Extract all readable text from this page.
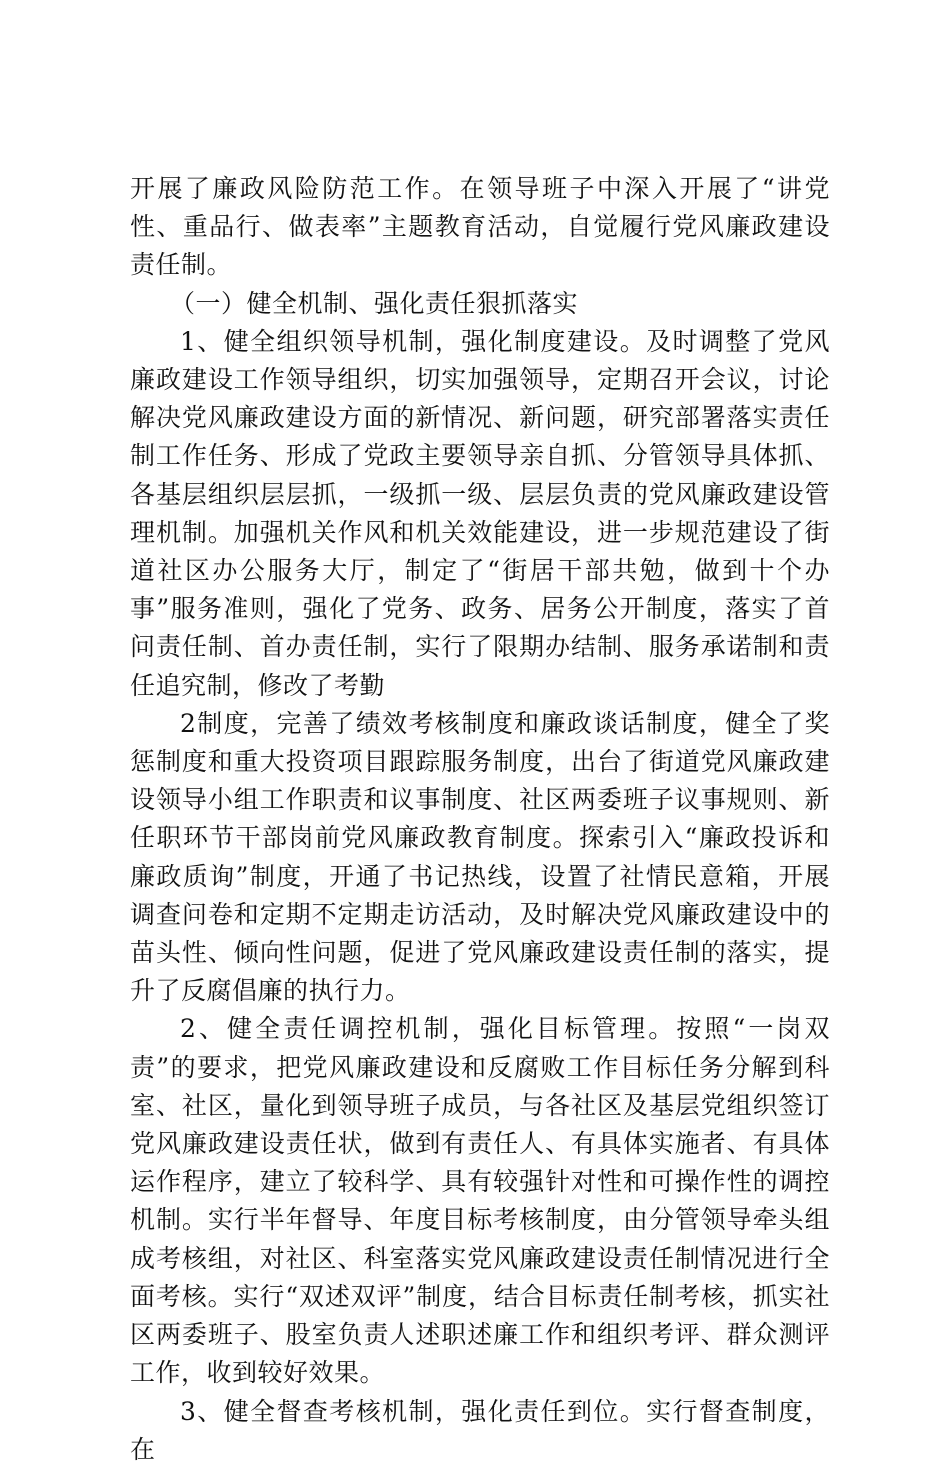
开展了廉政风险防范工作。在领导班子中深入开展了“讲党性、重品行、做表率”主题教育活动，自觉履行党风廉政建设责任制。

（一）健全机制、强化责任狠抓落实

1、健全组织领导机制，强化制度建设。及时调整了党风廉政建设工作领导组织，切实加强领导，定期召开会议，讨论解决党风廉政建设方面的新情况、新问题，研究部署落实责任制工作任务、形成了党政主要领导亲自抓、分管领导具体抓、各基层组织层层抓，一级抓一级、层层负责的党风廉政建设管理机制。加强机关作风和机关效能建设，进一步规范建设了街道社区办公服务大厅，制定了“街居干部共勉，做到十个办事”服务准则，强化了党务、政务、居务公开制度，落实了首问责任制、首办责任制，实行了限期办结制、服务承诺制和责任追究制，修改了考勤

2制度，完善了绩效考核制度和廉政谈话制度，健全了奖惩制度和重大投资项目跟踪服务制度，出台了街道党风廉政建设领导小组工作职责和议事制度、社区两委班子议事规则、新任职环节干部岗前党风廉政教育制度。探索引入“廉政投诉和廉政质询”制度，开通了书记热线，设置了社情民意箱，开展调查问卷和定期不定期走访活动，及时解决党风廉政建设中的苗头性、倾向性问题，促进了党风廉政建设责任制的落实，提升了反腐倡廉的执行力。

2、健全责任调控机制，强化目标管理。按照“一岗双责”的要求，把党风廉政建设和反腐败工作目标任务分解到科室、社区，量化到领导班子成员，与各社区及基层党组织签订党风廉政建设责任状，做到有责任人、有具体实施者、有具体运作程序，建立了较科学、具有较强针对性和可操作性的调控机制。实行半年督导、年度目标考核制度，由分管领导牵头组成考核组，对社区、科室落实党风廉政建设责任制情况进行全面考核。实行“双述双评”制度，结合目标责任制考核，抓实社区两委班子、股室负责人述职述廉工作和组织考评、群众测评工作，收到较好效果。

3、健全督查考核机制，强化责任到位。实行督查制度，在
